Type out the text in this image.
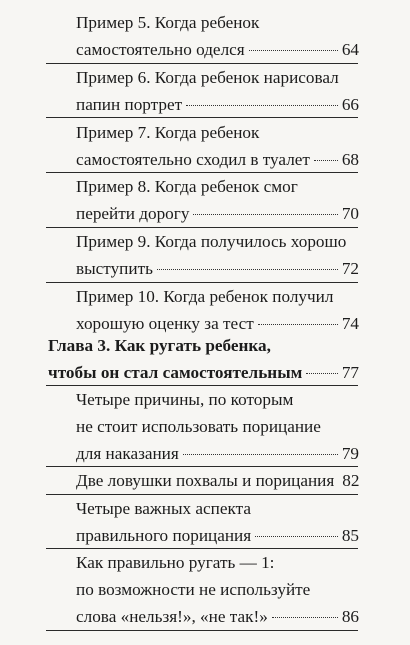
Пример 5. Когда ребенок
самостоятельно оделся	64
Пример 6. Когда ребенок нарисовал
папин портрет	66
Пример 7. Когда ребенок
самостоятельно сходил в туалет 68
Пример 8. Когда ребенок смог
перейти дорогу	70
Пример 9. Когда получилось хорошо
выступить	72
Пример 10. Когда ребенок получил
хорошую оценку за тест	74
Глава 3. Как ругать ребенка,
чтобы он стал самостоятельным 77
Четыре причины, по которым
не стоит использовать порицание
для наказания	79
Две ловушки похвалы и порицания 82
Четыре важных аспекта
правильного порицания	85
Как правильно ругать — 1:
по возможности не используйте
слова «нельзя!», «не так!»	86
